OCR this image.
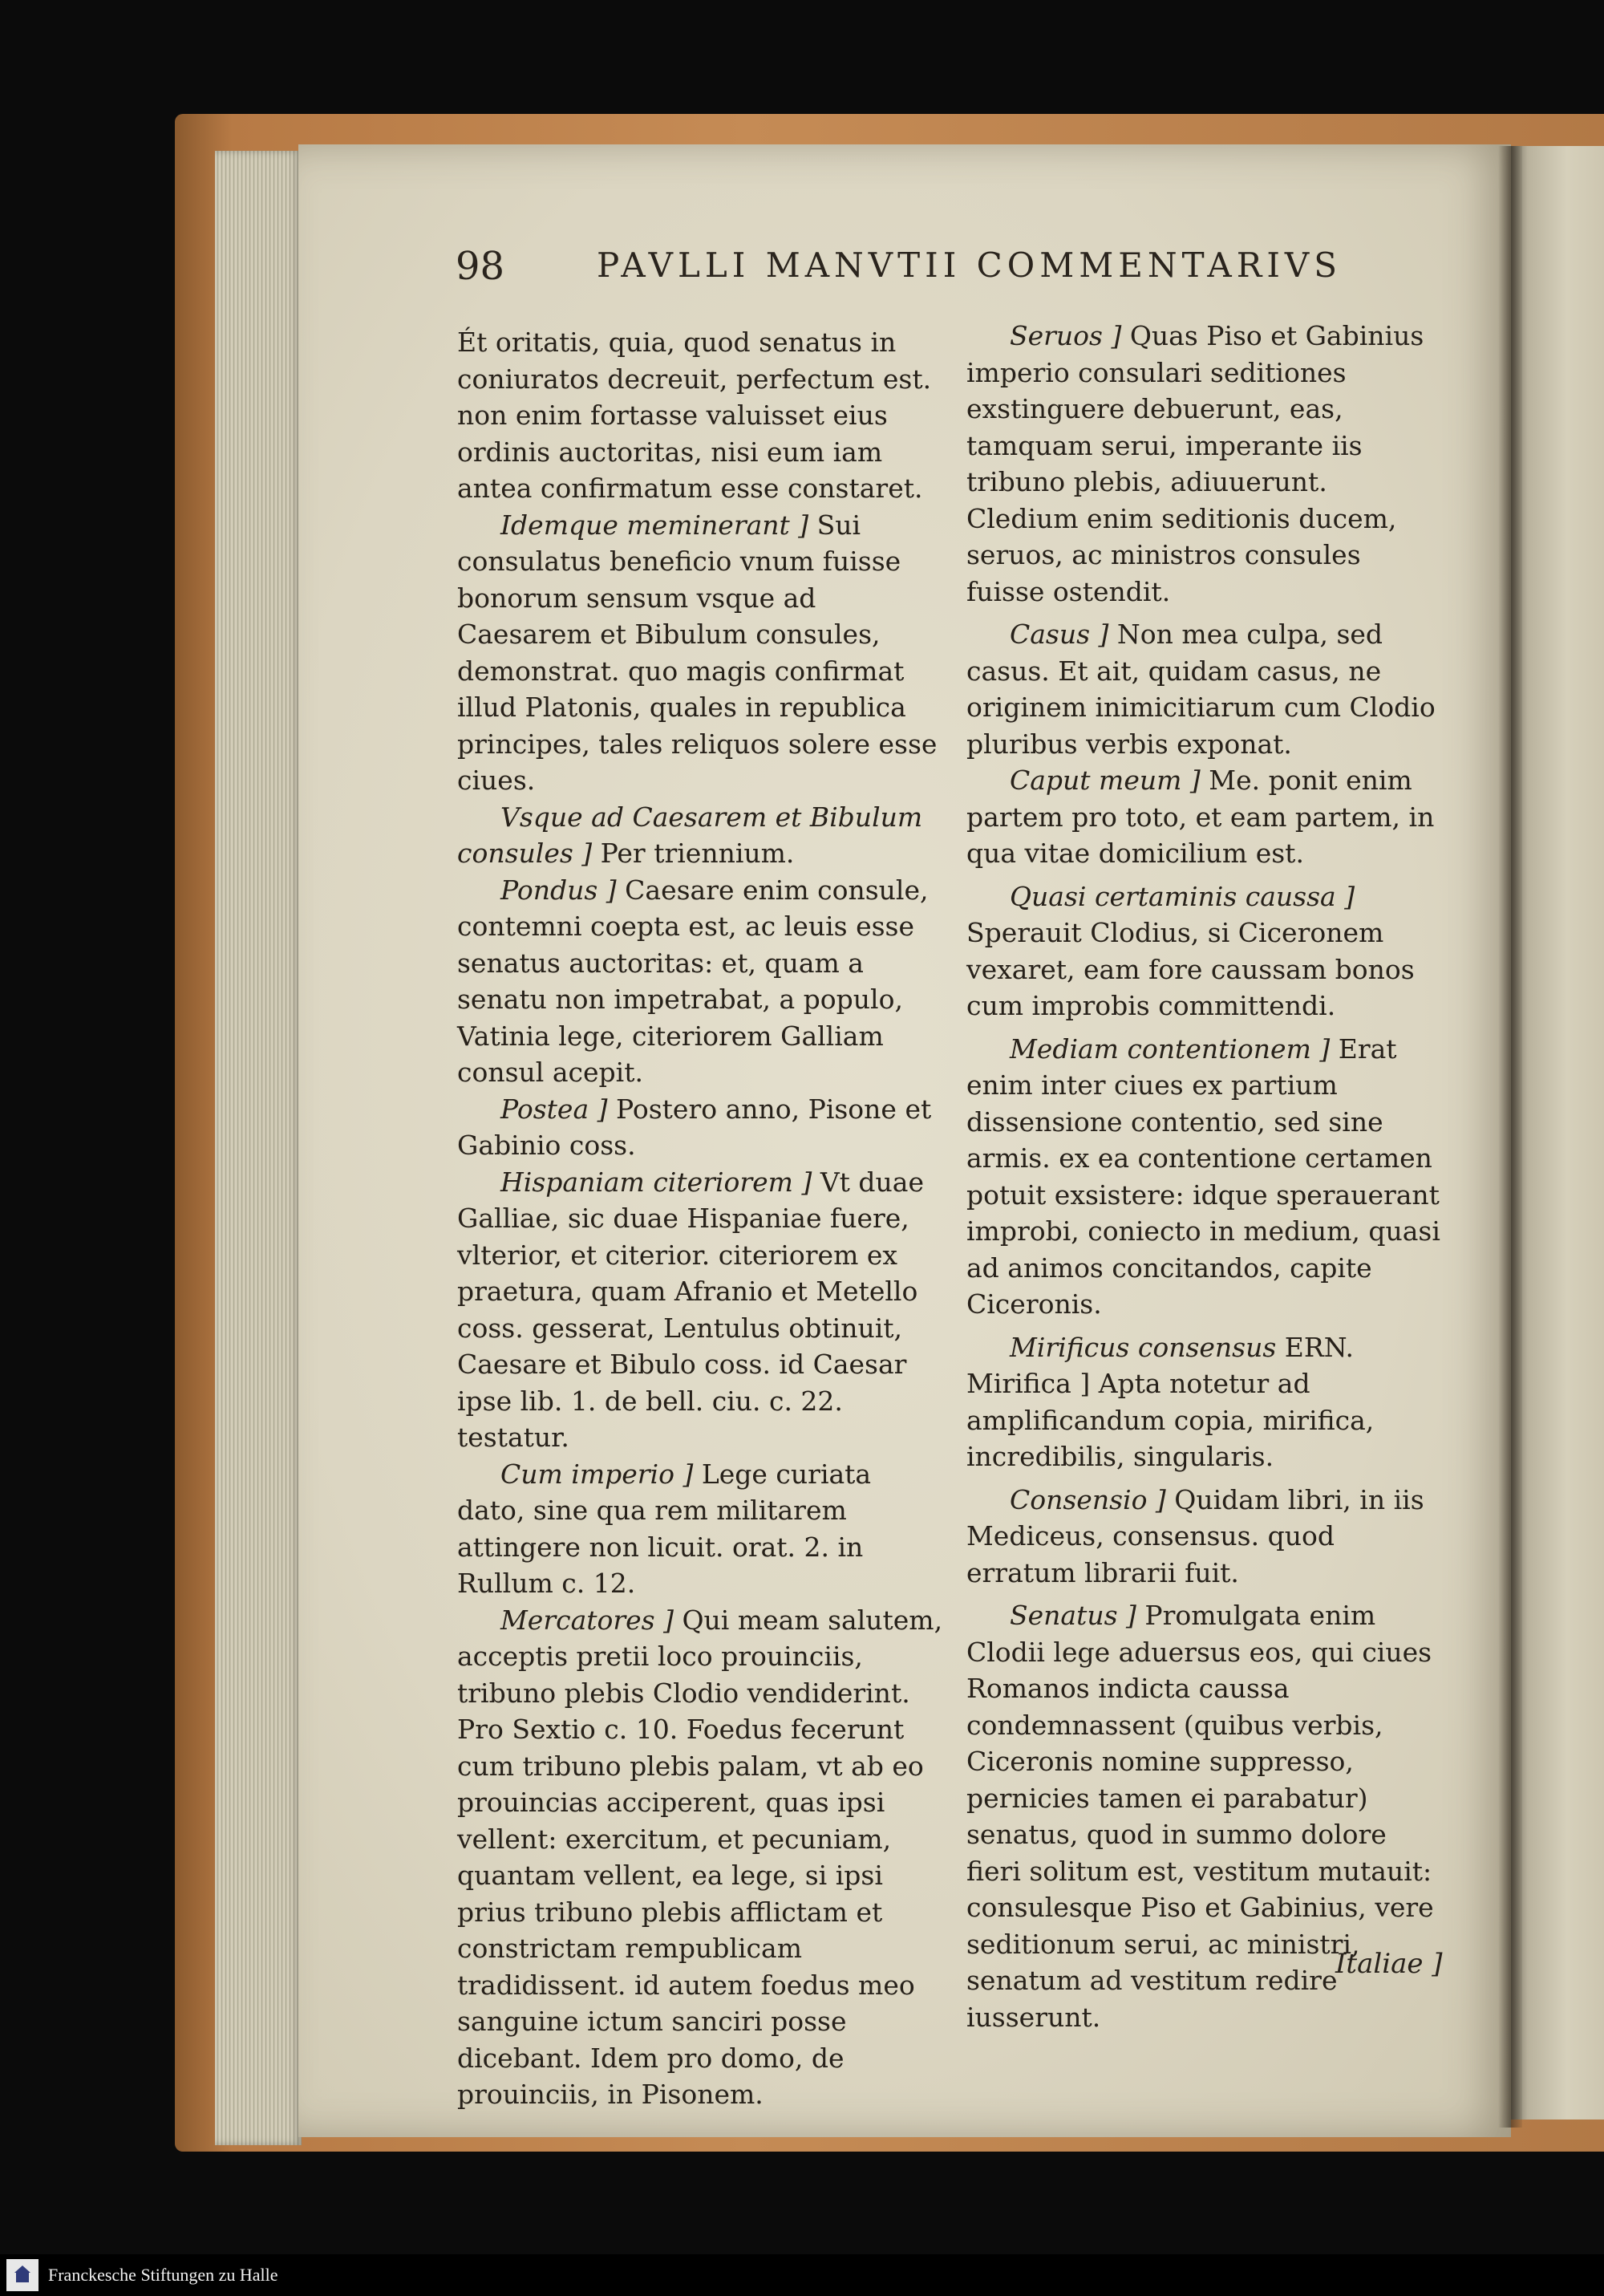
98	PAVLLI MANVTII COMMENTARIVS

Ét oritatis, quia, quod senatus in coniuratos decreuit, perfectum est. non enim fortasse valuisset eius ordinis auctoritas, nisi eum iam antea confirmatum esse constaret.

Idemque meminerant ] Sui consulatus beneficio vnum fuisse bonorum sensum vsque ad Caesarem et Bibulum consules, demonstrat. quo magis confirmat illud Platonis, quales in republica principes, tales reliquos solere esse ciues.

Vsque ad Caesarem et Bibulum consules ] Per triennium.

Pondus ] Caesare enim consule, contemni coepta est, ac leuis esse senatus auctoritas: et, quam a senatu non impetrabat, a populo, Vatinia lege, citeriorem Galliam consul acepit.

Postea ] Postero anno, Pisone et Gabinio coss.

Hispaniam citeriorem ] Vt duae Galliae, sic duae Hispaniae fuere, vlterior, et citerior. citeriorem ex praetura, quam Afranio et Metello coss. gesserat, Lentulus obtinuit, Caesare et Bibulo coss. id Caesar ipse lib. 1. de bell. ciu. c. 22. testatur.

Cum imperio ] Lege curiata dato, sine qua rem militarem attingere non licuit. orat. 2. in Rullum c. 12.

Mercatores ] Qui meam salutem, acceptis pretii loco prouinciis, tribuno plebis Clodio vendiderint. Pro Sextio c. 10. Foedus fecerunt cum tribuno plebis palam, vt ab eo prouincias acciperent, quas ipsi vellent: exercitum, et pecuniam, quantam vellent, ea lege, si ipsi prius tribuno plebis afflictam et constrictam rempublicam tradidissent. id autem foedus meo sanguine ictum sanciri posse dicebant. Idem pro domo, de prouinciis, in Pisonem.

Seruos ] Quas Piso et Gabinius imperio consulari seditiones exstinguere debuerunt, eas, tamquam serui, imperante iis tribuno plebis, adiuuerunt. Cledium enim seditionis ducem, seruos, ac ministros consules fuisse ostendit.

Casus ] Non mea culpa, sed casus. Et ait, quidam casus, ne originem inimicitiarum cum Clodio pluribus verbis exponat.

Caput meum ] Me. ponit enim partem pro toto, et eam partem, in qua vitae domicilium est.

Quasi certaminis caussa ] Sperauit Clodius, si Ciceronem vexaret, eam fore caussam bonos cum improbis committendi.

Mediam contentionem ] Erat enim inter ciues ex partium dissensione contentio, sed sine armis. ex ea contentione certamen potuit exsistere: idque sperauerant improbi, coniecto in medium, quasi ad animos concitandos, capite Ciceronis.

Mirificus consensus ERN. Mirifica ] Apta notetur ad amplificandum copia, mirifica, incredibilis, singularis.

Consensio ] Quidam libri, in iis Mediceus, consensus. quod erratum librarii fuit.

Senatus ] Promulgata enim Clodii lege aduersus eos, qui ciues Romanos indicta caussa condemnassent (quibus verbis, Ciceronis nomine suppresso, pernicies tamen ei parabatur) senatus, quod in summo dolore fieri solitum est, vestitum mutauit: consulesque Piso et Gabinius, vere seditionum serui, ac ministri, senatum ad vestitum redire iusserunt.

Italiae ]
Franckesche Stiftungen zu Halle
